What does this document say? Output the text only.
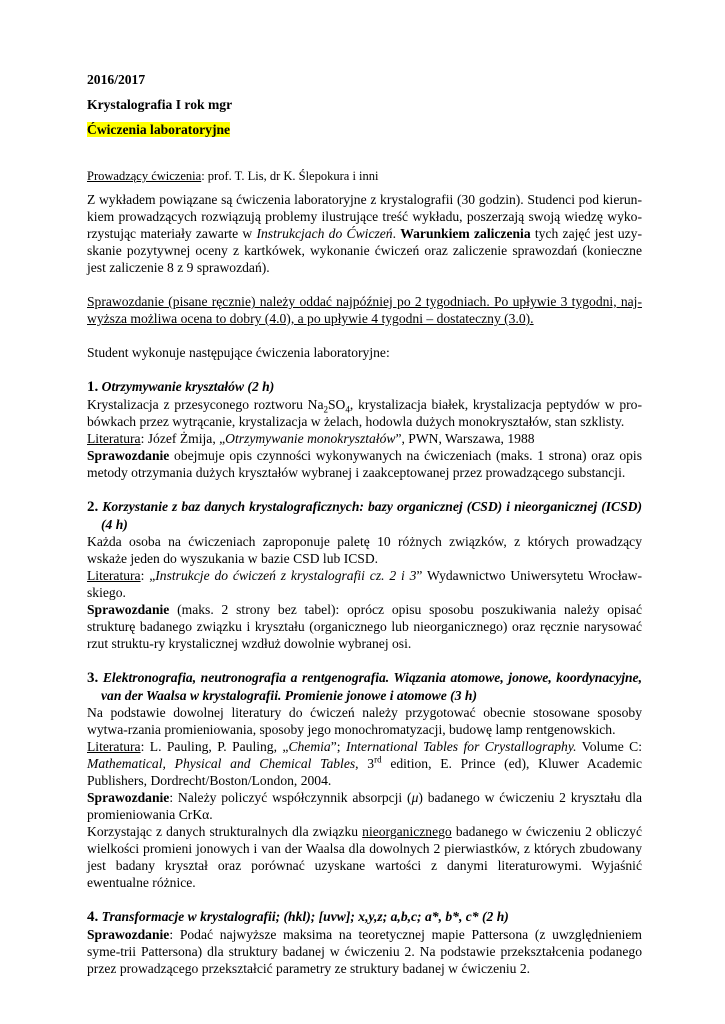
2016/2017

Krystalografia I rok mgr

Ćwiczenia laboratoryjne

Prowadzący ćwiczenia: prof. T. Lis, dr K. Ślepokura i inni

Z wykładem powiązane są ćwiczenia laboratoryjne z krystalografii (30 godzin). Studenci pod kierun-kiem prowadzących rozwiązują problemy ilustrujące treść wykładu, poszerzają swoją wiedzę wyko-rzystując materiały zawarte w Instrukcjach do Ćwiczeń. Warunkiem zaliczenia tych zajęć jest uzy-skanie pozytywnej oceny z kartkówek, wykonanie ćwiczeń oraz zaliczenie sprawozdań (konieczne jest zaliczenie 8 z 9 sprawozdań).

Sprawozdanie (pisane ręcznie) należy oddać najpóźniej po 2 tygodniach. Po upływie 3 tygodni, naj-wyższa możliwa ocena to dobry (4.0), a po upływie 4 tygodni – dostateczny (3.0).

Student wykonuje następujące ćwiczenia laboratoryjne:

1. Otrzymywanie kryształów (2 h)

Krystalizacja z przesyconego roztworu $Na_2SO_4$, krystalizacja białek, krystalizacja peptydów w pro-bówkach przez wytrącanie, krystalizacja w żelach, hodowla dużych monokryształów, stan szklisty.

Literatura: Józef Żmija, „Otrzymywanie monokryształów”, PWN, Warszawa, 1988

Sprawozdanie obejmuje opis czynności wykonywanych na ćwiczeniach (maks. 1 strona) oraz opis metody otrzymania dużych kryształów wybranej i zaakceptowanej przez prowadzącego substancji.

2. Korzystanie z baz danych krystalograficznych: bazy organicznej (CSD) i nieorganicznej (ICSD) (4 h)

Każda osoba na ćwiczeniach zaproponuje paletę 10 różnych związków, z których prowadzący wskaże jeden do wyszukania w bazie CSD lub ICSD.

Literatura: „Instrukcje do ćwiczeń z krystalografii cz. 2 i 3” Wydawnictwo Uniwersytetu Wrocław-skiego.

Sprawozdanie (maks. 2 strony bez tabel): oprócz opisu sposobu poszukiwania należy opisać strukturę badanego związku i kryształu (organicznego lub nieorganicznego) oraz ręcznie narysować rzut struktu-ry krystalicznej wzdłuż dowolnie wybranej osi.

3. Elektronografia, neutronografia a rentgenografia. Wiązania atomowe, jonowe, koordynacyjne, van der Waalsa w krystalografii. Promienie jonowe i atomowe (3 h)

Na podstawie dowolnej literatury do ćwiczeń należy przygotować obecnie stosowane sposoby wytwa-rzania promieniowania, sposoby jego monochromatyzacji, budowę lamp rentgenowskich.

Literatura: L. Pauling, P. Pauling, „Chemia”; International Tables for Crystallography. Volume C: Mathematical, Physical and Chemical Tables, 3rd edition, E. Prince (ed), Kluwer Academic Publishers, Dordrecht/Boston/London, 2004.

Sprawozdanie: Należy policzyć współczynnik absorpcji (μ) badanego w ćwiczeniu 2 kryształu dla promieniowania CrKα.

Korzystając z danych strukturalnych dla związku nieorganicznego badanego w ćwiczeniu 2 obliczyć wielkości promieni jonowych i van der Waalsa dla dowolnych 2 pierwiastków, z których zbudowany jest badany kryształ oraz porównać uzyskane wartości z danymi literaturowymi. Wyjaśnić ewentualne różnice.

4. Transformacje w krystalografii; (hkl); [uvw]; x,y,z; a,b,c; a*, b*, c* (2 h)

Sprawozdanie: Podać najwyższe maksima na teoretycznej mapie Pattersona (z uwzględnieniem syme-trii Pattersona) dla struktury badanej w ćwiczeniu 2. Na podstawie przekształcenia podanego przez prowadzącego przekształcić parametry ze struktury badanej w ćwiczeniu 2.
